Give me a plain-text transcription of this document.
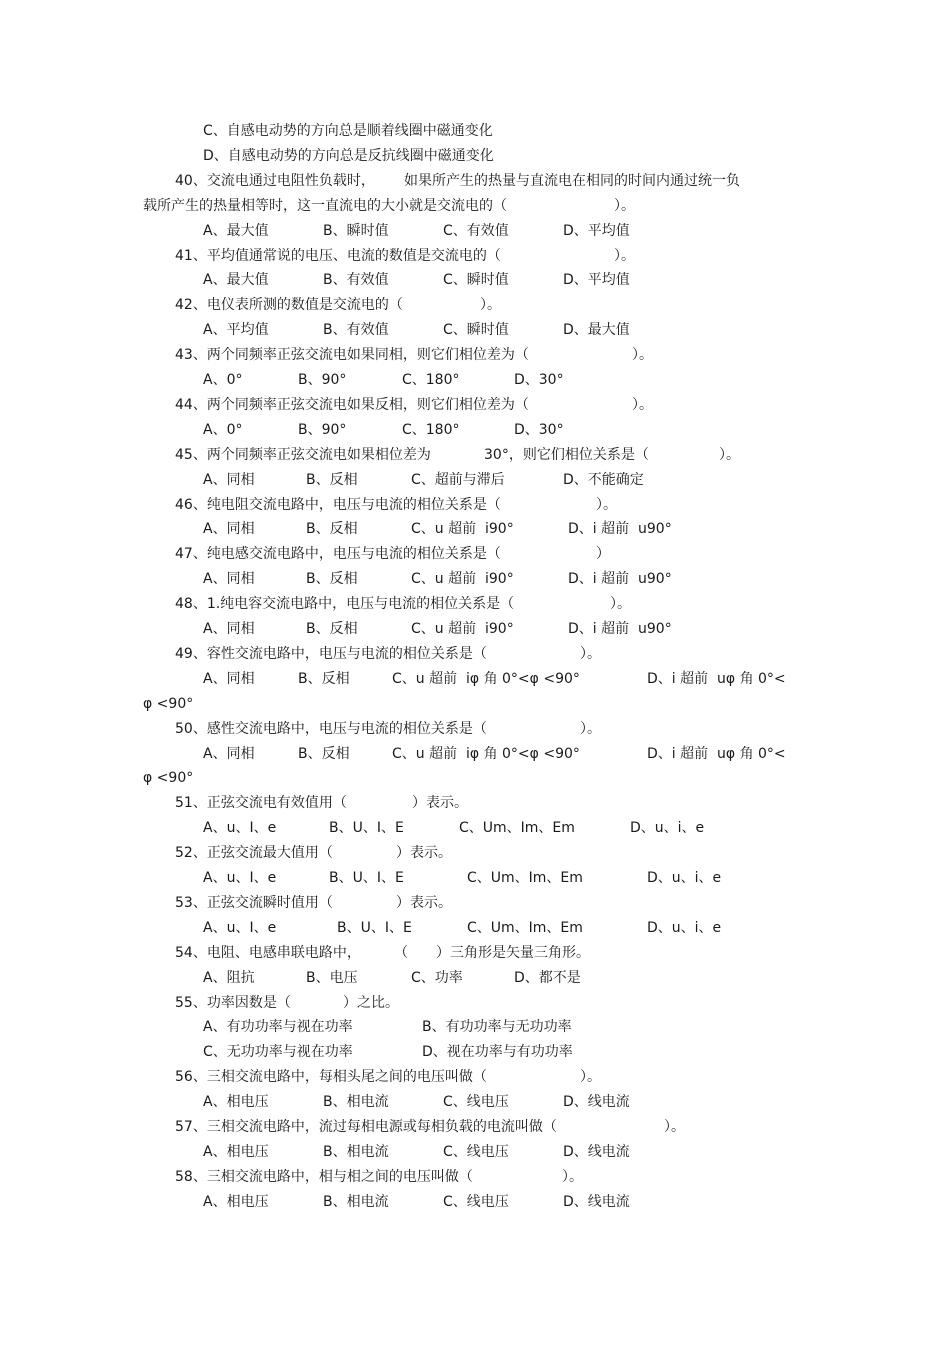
C、自感电动势的方向总是顺着线圈中磁通变化
D、自感电动势的方向总是反抗线圈中磁通变化
40、交流电通过电阻性负载时， 如果所产生的热量与直流电在相同的时间内通过统一负
载所产生的热量相等时，这一直流电的大小就是交流电的（	）。
A、最大值	B、瞬时值	C、有效值	D、平均值
41、平均值通常说的电压、电流的数值是交流电的（	）。
A、最大值	B、有效值	C、瞬时值	D、平均值
42、电仪表所测的数值是交流电的（	）。
A、平均值	B、有效值	C、瞬时值	D、最大值
43、两个同频率正弦交流电如果同相，则它们相位差为（	）。
A、0°	B、90°	C、180°	D、30°
44、两个同频率正弦交流电如果反相，则它们相位差为（	）。
A、0°	B、90°	C、180°	D、30°
45、两个同频率正弦交流电如果相位差为	30°，则它们相位关系是（	）。
A、同相	B、反相	C、超前与滞后	D、不能确定
46、纯电阻交流电路中，电压与电流的相位关系是（	）。
A、同相	B、反相	C、u 超前  i90°	D、i 超前  u90°
47、纯电感交流电路中，电压与电流的相位关系是（	）
A、同相	B、反相	C、u 超前  i90°	D、i 超前  u90°
48、1.纯电容交流电路中，电压与电流的相位关系是（	）。
A、同相	B、反相	C、u 超前  i90°	D、i 超前  u90°
49、容性交流电路中，电压与电流的相位关系是（	）。
A、同相	B、反相	C、u 超前  iφ 角 0°<φ <90°	D、i 超前  uφ 角 0°<
φ <90°
50、感性交流电路中，电压与电流的相位关系是（	）。
A、同相	B、反相	C、u 超前  iφ 角 0°<φ <90°	D、i 超前  uφ 角 0°<
φ <90°
51、正弦交流电有效值用（	）表示。
A、u、I、e	B、U、I、E	C、Um、Im、Em	D、u、i、e
52、正弦交流最大值用（	）表示。
A、u、I、e	B、U、I、E	C、Um、Im、Em	D、u、i、e
53、正弦交流瞬时值用（	）表示。
A、u、I、e	B、U、I、E	C、Um、Im、Em	D、u、i、e
54、电阻、电感串联电路中， （ ）三角形是矢量三角形。
A、阻抗	B、电压	C、功率	D、都不是
55、功率因数是（	）之比。
A、有功功率与视在功率	B、有功功率与无功功率
C、无功功率与视在功率	D、视在功率与有功功率
56、三相交流电路中，每相头尾之间的电压叫做（	）。
A、相电压	B、相电流	C、线电压	D、线电流
57、三相交流电路中，流过每相电源或每相负载的电流叫做（	）。
A、相电压	B、相电流	C、线电压	D、线电流
58、三相交流电路中，相与相之间的电压叫做（	）。
A、相电压	B、相电流	C、线电压	D、线电流
